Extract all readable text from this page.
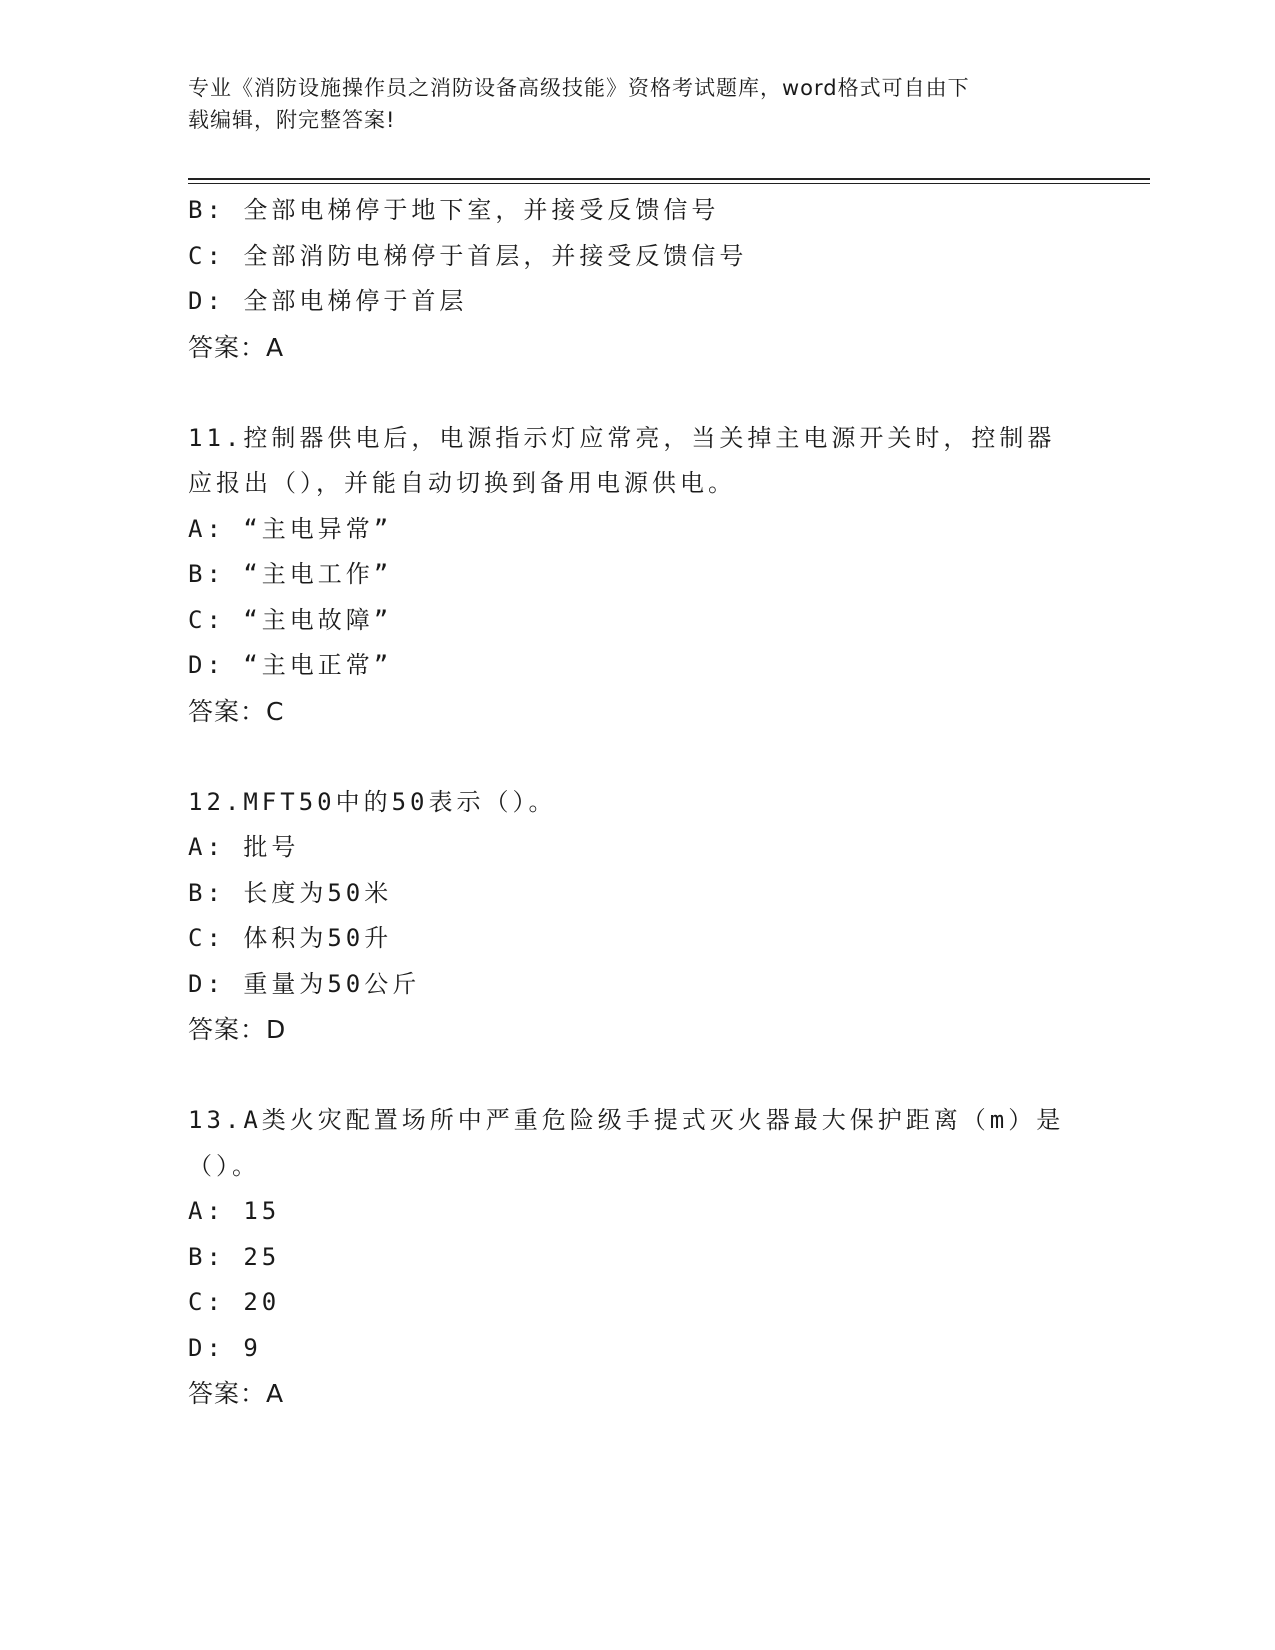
专业《消防设施操作员之消防设备高级技能》资格考试题库，word格式可自由下
载编辑，附完整答案!
B: 全部电梯停于地下室，并接受反馈信号
C: 全部消防电梯停于首层，并接受反馈信号
D: 全部电梯停于首层
答案：A
11.控制器供电后，电源指示灯应常亮，当关掉主电源开关时，控制器
应报出（），并能自动切换到备用电源供电。
A: “主电异常”
B: “主电工作”
C: “主电故障”
D: “主电正常”
答案：C
12.MFT50中的50表示（）。
A: 批号
B: 长度为50米
C: 体积为50升
D: 重量为50公斤
答案：D
13.A类火灾配置场所中严重危险级手提式灭火器最大保护距离（m）是
（）。
A: 15
B: 25
C: 20
D: 9
答案：A
